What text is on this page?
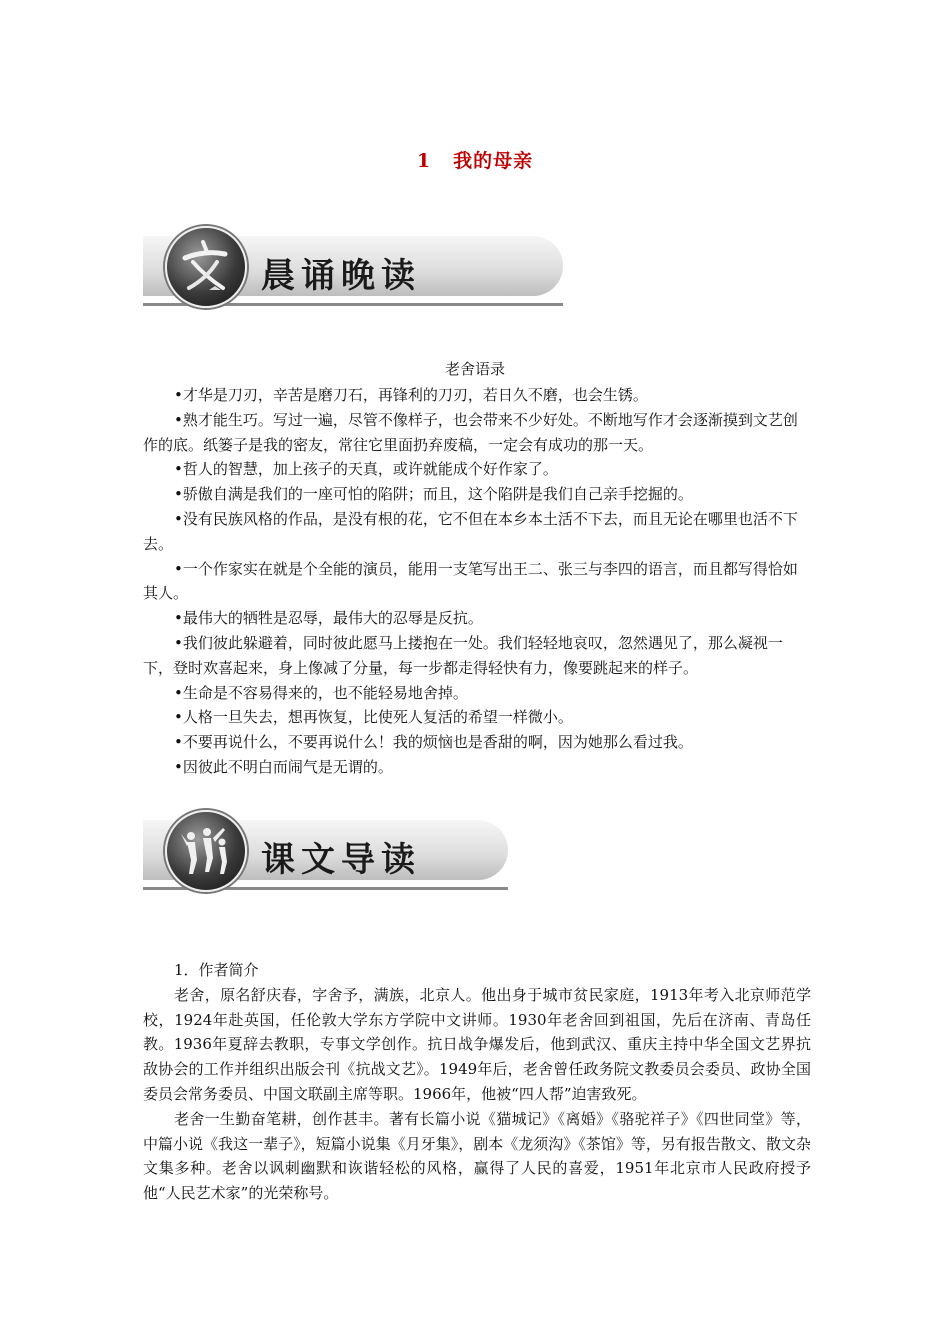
1 我的母亲
晨诵晚读
老舍语录

•才华是刀刃，辛苦是磨刀石，再锋利的刀刃，若日久不磨，也会生锈。

•熟才能生巧。写过一遍，尽管不像样子，也会带来不少好处。不断地写作才会逐渐摸到文艺创作的底。纸篓子是我的密友，常往它里面扔弃废稿，一定会有成功的那一天。

•哲人的智慧，加上孩子的天真，或许就能成个好作家了。

•骄傲自满是我们的一座可怕的陷阱；而且，这个陷阱是我们自己亲手挖掘的。

•没有民族风格的作品，是没有根的花，它不但在本乡本土活不下去，而且无论在哪里也活不下去。

•一个作家实在就是个全能的演员，能用一支笔写出王二、张三与李四的语言，而且都写得恰如其人。

•最伟大的牺牲是忍辱，最伟大的忍辱是反抗。

•我们彼此躲避着，同时彼此愿马上搂抱在一处。我们轻轻地哀叹，忽然遇见了，那么凝视一下，登时欢喜起来，身上像减了分量，每一步都走得轻快有力，像要跳起来的样子。

•生命是不容易得来的，也不能轻易地舍掉。

•人格一旦失去，想再恢复，比使死人复活的希望一样微小。

•不要再说什么，不要再说什么！我的烦恼也是香甜的啊，因为她那么看过我。

•因彼此不明白而闹气是无谓的。

课文导读

1．作者简介

老舍，原名舒庆春，字舍予，满族，北京人。他出身于城市贫民家庭，1913年考入北京师范学校，1924年赴英国，任伦敦大学东方学院中文讲师。1930年老舍回到祖国，先后在济南、青岛任教。1936年夏辞去教职，专事文学创作。抗日战争爆发后，他到武汉、重庆主持中华全国文艺界抗敌协会的工作并组织出版会刊《抗战文艺》。1949年后，老舍曾任政务院文教委员会委员、政协全国委员会常务委员、中国文联副主席等职。1966年，他被“四人帮”迫害致死。

老舍一生勤奋笔耕，创作甚丰。著有长篇小说《猫城记》《离婚》《骆驼祥子》《四世同堂》等，中篇小说《我这一辈子》，短篇小说集《月牙集》，剧本《龙须沟》《茶馆》等，另有报告散文、散文杂文集多种。老舍以讽刺幽默和诙谐轻松的风格，赢得了人民的喜爱，1951年北京市人民政府授予他“人民艺术家”的光荣称号。
